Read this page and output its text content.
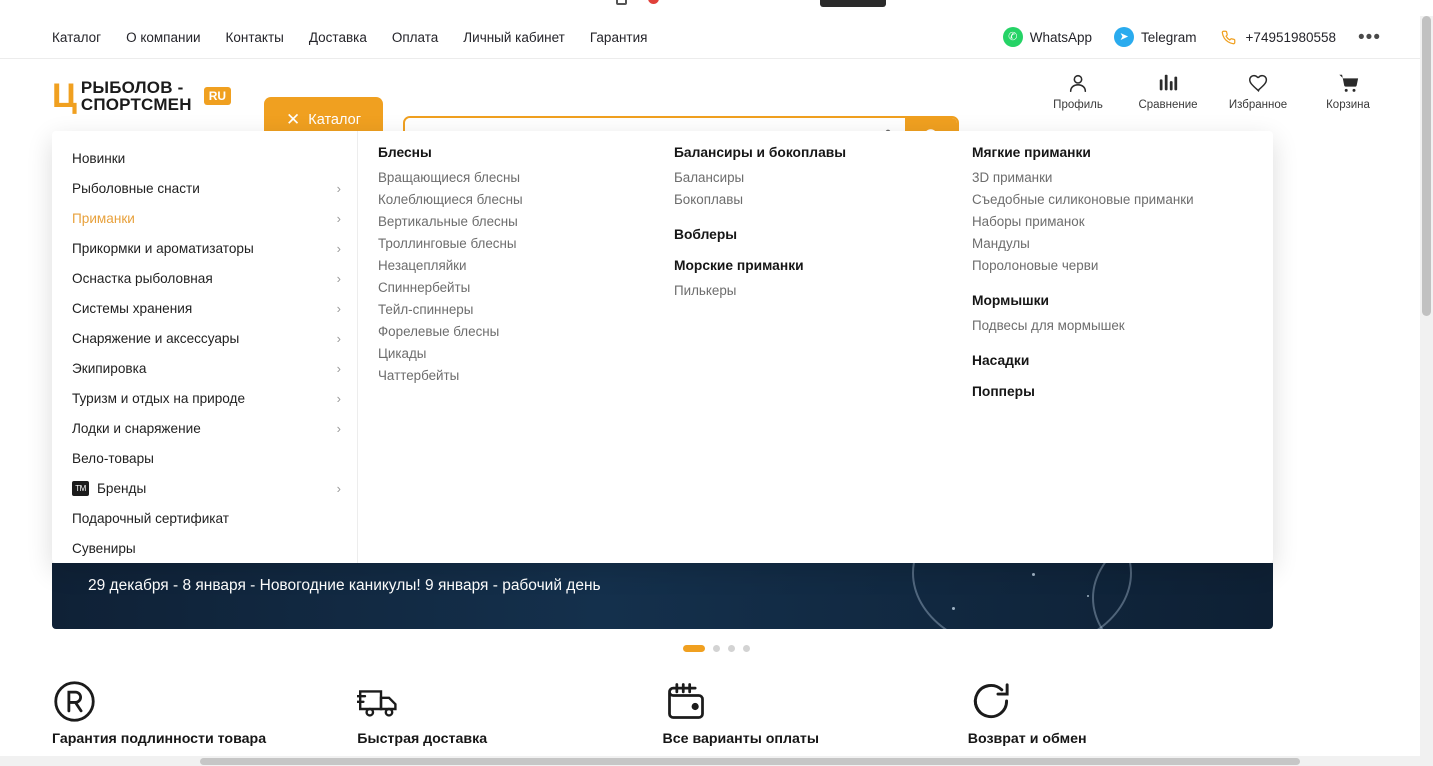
Каталог О компании Контакты Доставка Оплата Личный кабинет Гарантия	✆ WhatsApp	➤ Telegram	+74951980558 •••
Ц РЫБОЛОВ -
СПОРТСМЕН	RU
✕ Каталог
Поиск по каталогу
Профиль	Сравнение	Избранное	Корзина
29 декабря - 8 января - Новогодние каникулы! 9 января - рабочий день
Гарантия подлинности товара	Быстрая доставка	Все варианты оплаты	Возврат и обмен
Новинки
Рыболовные снасти	›
Приманки	›
Прикормки и ароматизаторы	›
Оснастка рыболовная	›
Системы хранения	›
Снаряжение и аксессуары	›
Экипировка	›
Туризм и отдых на природе	›
Лодки и снаряжение	›
Вело-товары
TM Бренды	›
Подарочный сертификат
Сувениры
Блесны
Вращающиеся блесны
Колеблющиеся блесны
Вертикальные блесны
Троллинговые блесны
Незацепляйки
Спиннербейты
Тейл-спиннеры
Форелевые блесны
Цикады
Чаттербейты
Балансиры и бокоплавы
Балансиры
Бокоплавы
Воблеры
Морские приманки
Пилькеры
Мягкие приманки
3D приманки
Съедобные силиконовые приманки
Наборы приманок
Мандулы
Поролоновые черви
Мормышки
Подвесы для мормышек
Насадки
Попперы
